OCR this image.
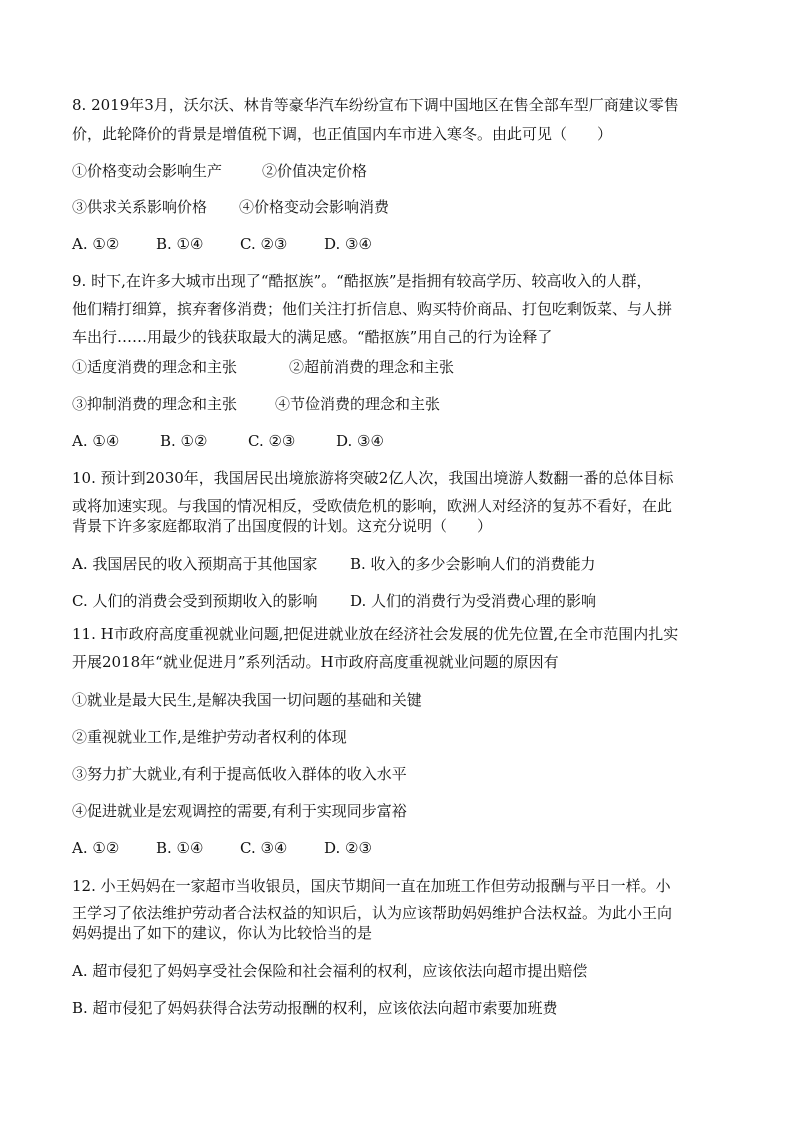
8. 2019年3月，沃尔沃、林肯等豪华汽车纷纷宣布下调中国地区在售全部车型厂商建议零售
价，此轮降价的背景是增值税下调，也正值国内车市进入寒冬。由此可见（　　）
①价格变动会影响生产	②价值决定价格
③供求关系影响价格 ④价格变动会影响消费
A. ①② B. ①④ C. ②③ D. ③④
9. 时下,在许多大城市出现了“酷抠族”。“酷抠族”是指拥有较高学历、较高收入的人群，
他们精打细算，摈弃奢侈消费；他们关注打折信息、购买特价商品、打包吃剩饭菜、与人拼
车出行……用最少的钱获取最大的满足感。“酷抠族”用自己的行为诠释了
①适度消费的理念和主张	②超前消费的理念和主张
③抑制消费的理念和主张	④节俭消费的理念和主张
A. ①④	B. ①②	C. ②③	D. ③④
10. 预计到2030年，我国居民出境旅游将突破2亿人次，我国出境游人数翻一番的总体目标
或将加速实现。与我国的情况相反，受欧债危机的影响，欧洲人对经济的复苏不看好，在此
背景下许多家庭都取消了出国度假的计划。这充分说明（　　）
A. 我国居民的收入预期高于其他国家 B. 收入的多少会影响人们的消费能力
C. 人们的消费会受到预期收入的影响 D. 人们的消费行为受消费心理的影响
11. H市政府高度重视就业问题,把促进就业放在经济社会发展的优先位置,在全市范围内扎实
开展2018年“就业促进月”系列活动。H市政府高度重视就业问题的原因有
①就业是最大民生,是解决我国一切问题的基础和关键
②重视就业工作,是维护劳动者权利的体现
③努力扩大就业,有利于提高低收入群体的收入水平
④促进就业是宏观调控的需要,有利于实现同步富裕
A. ①② B. ①④ C. ③④ D. ②③
12. 小王妈妈在一家超市当收银员，国庆节期间一直在加班工作但劳动报酬与平日一样。小
王学习了依法维护劳动者合法权益的知识后，认为应该帮助妈妈维护合法权益。为此小王向
妈妈提出了如下的建议，你认为比较恰当的是
A. 超市侵犯了妈妈享受社会保险和社会福利的权利，应该依法向超市提出赔偿
B. 超市侵犯了妈妈获得合法劳动报酬的权利，应该依法向超市索要加班费
